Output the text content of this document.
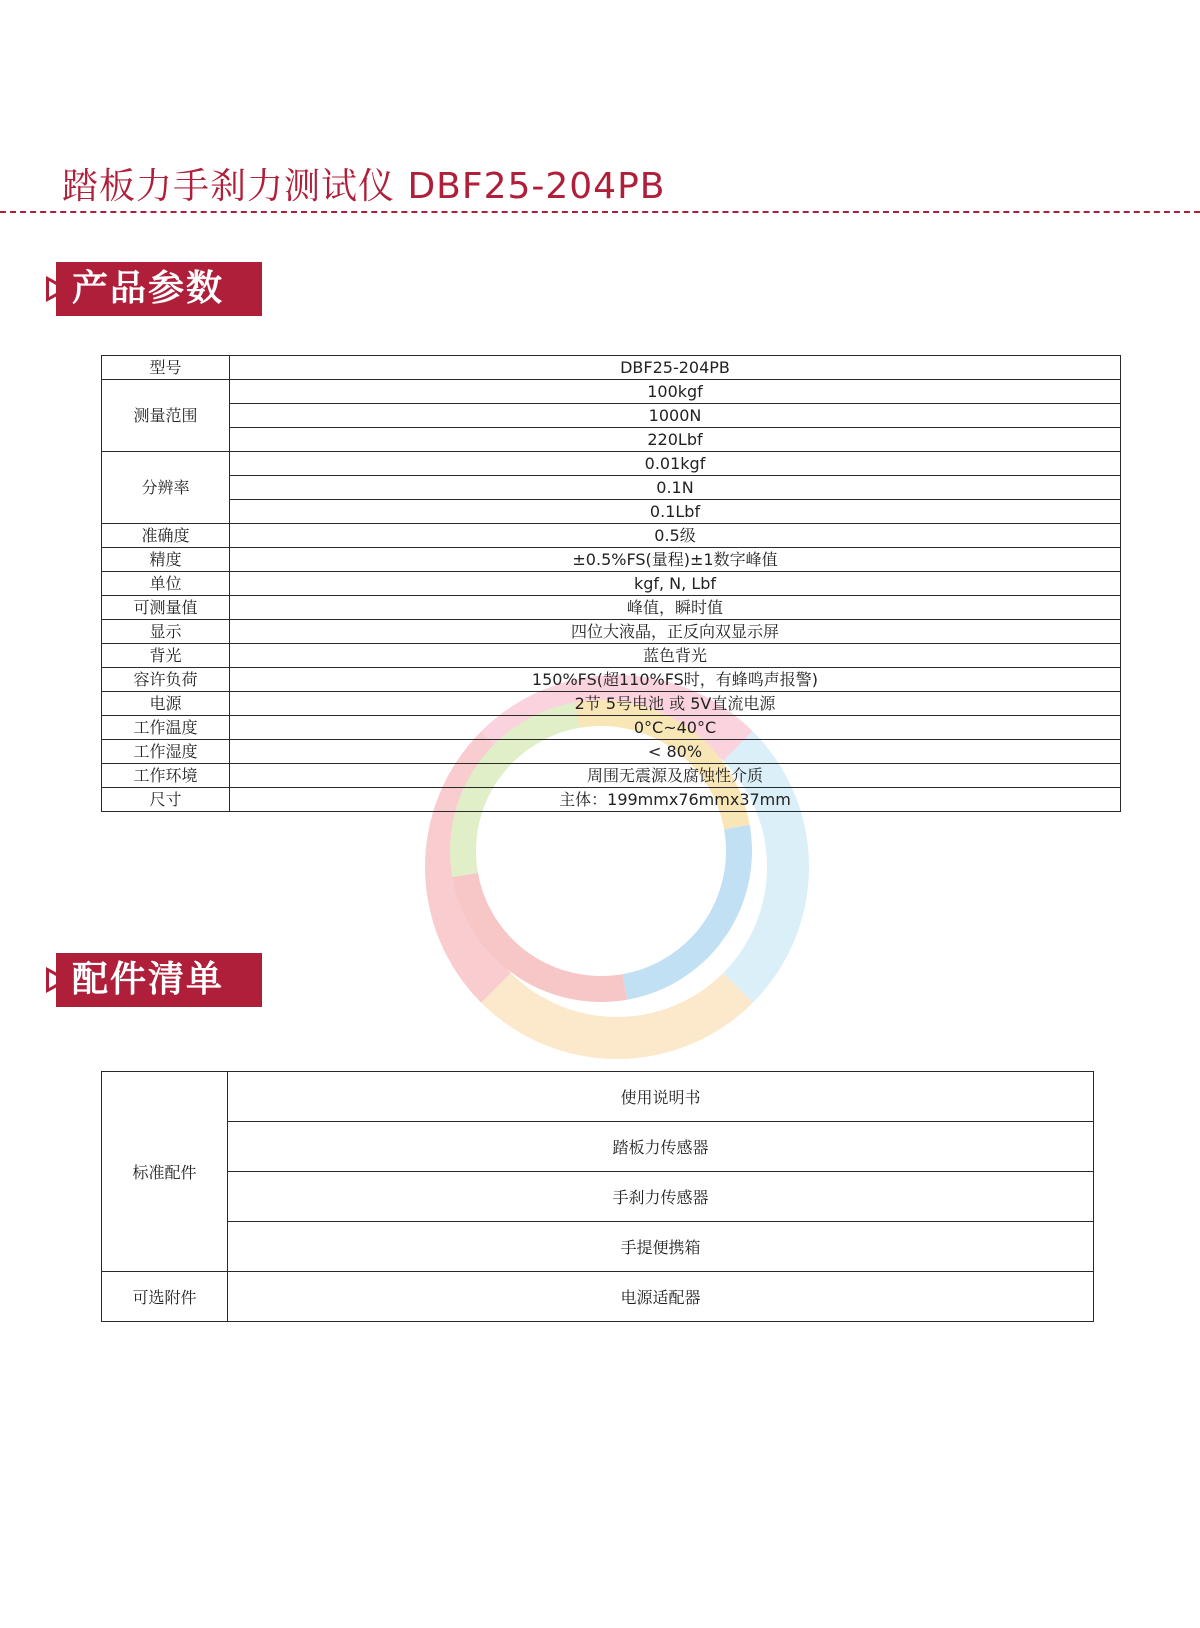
踏板力手刹力测试仪 DBF25-204PB
产品参数
型号	DBF25-204PB
测量范围	100kgf
	1000N
	220Lbf
分辨率	0.01kgf
	0.1N
	0.1Lbf
准确度	0.5级
精度	±0.5%FS(量程)±1数字峰值
单位	kgf, N, Lbf
可测量值	峰值，瞬时值
显示	四位大液晶，正反向双显示屏
背光	蓝色背光
容许负荷	150%FS(超110%FS时，有蜂鸣声报警)
电源	2节 5号电池 或 5V直流电源
工作温度	0°C~40°C
工作湿度	< 80%
工作环境	周围无震源及腐蚀性介质
尺寸	主体：199mmx76mmx37mm
配件清单
标准配件	使用说明书
	踏板力传感器
	手刹力传感器
	手提便携箱
可选附件	电源适配器
